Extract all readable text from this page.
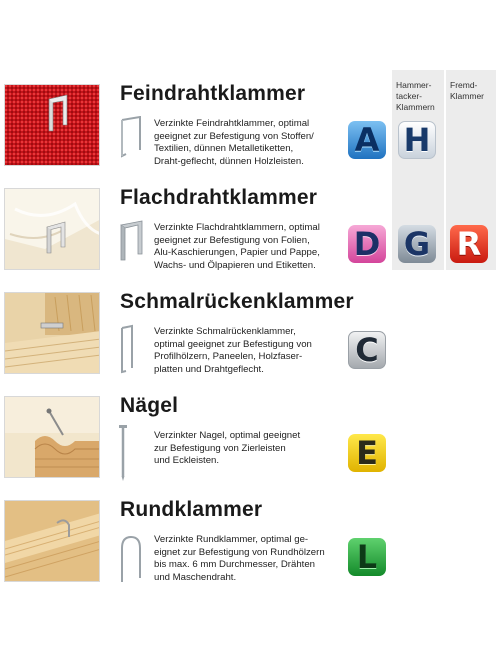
Hammer-
tacker-
Klammern
Fremd-
Klammer
Feindrahtklammer
Verzinkte Feindrahtklammer, optimal
geeignet zur Befestigung von Stoffen/
Textilien, dünnen Metalletiketten,
Draht-geflecht, dünnen Holzleisten.
A H
Flachdrahtklammer
Verzinkte Flachdrahtklammern, optimal
geeignet zur Befestigung von Folien,
Alu-Kaschierungen, Papier und Pappe,
Wachs- und Ölpapieren und Etiketten.
D G R
Schmalrückenklammer
Verzinkte Schmalrückenklammer,
optimal geeignet zur Befestigung von
Profilhölzern, Paneelen, Holzfaser-
platten und Drahtgeflecht.
C
Nägel
Verzinkter Nagel, optimal geeignet
zur Befestigung von Zierleisten
und Eckleisten.	E
Rundklammer
Verzinkte Rundklammer, optimal ge-
eignet zur Befestigung von Rundhölzern
bis max. 6 mm Durchmesser, Drähten
und Maschendraht.
L
